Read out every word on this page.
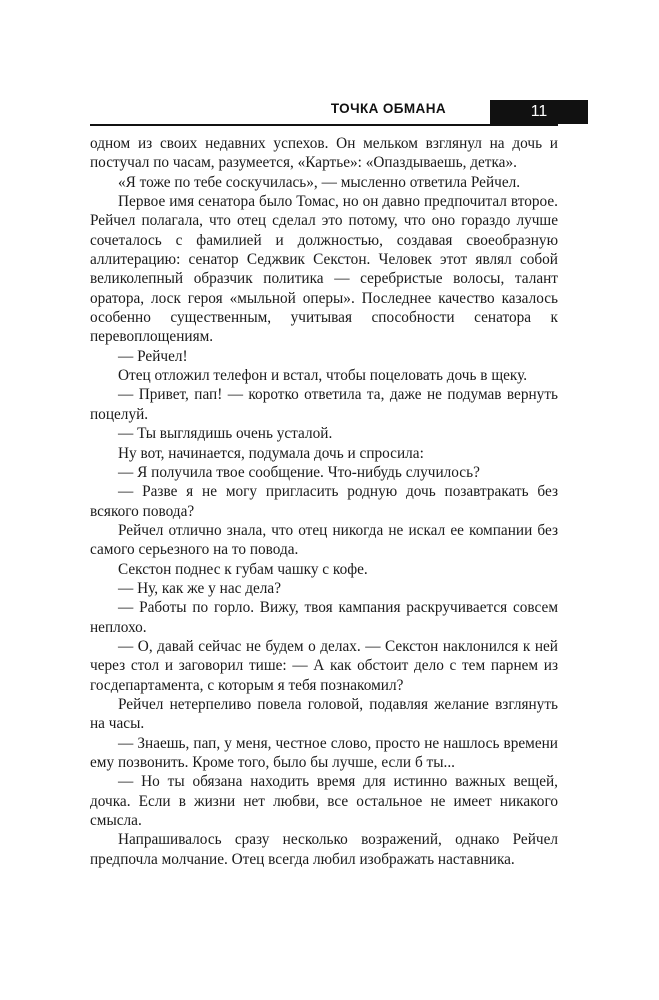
ТОЧКА ОБМАНА	11

одном из своих недавних успехов. Он мельком взглянул на дочь и постучал по часам, разумеется, «Картье»: «Опаздываешь, детка».

«Я тоже по тебе соскучилась», — мысленно ответила Рейчел.

Первое имя сенатора было Томас, но он давно предпочитал второе. Рейчел полагала, что отец сделал это потому, что оно гораздо лучше сочеталось с фамилией и должностью, создавая своеобразную аллитерацию: сенатор Седжвик Секстон. Человек этот являл собой великолепный образчик политика — серебристые волосы, талант оратора, лоск героя «мыльной оперы». Последнее качество казалось особенно существенным, учитывая способности сенатора к перевоплощениям.

— Рейчел!

Отец отложил телефон и встал, чтобы поцеловать дочь в щеку.

— Привет, пап! — коротко ответила та, даже не подумав вернуть поцелуй.

— Ты выглядишь очень усталой.

Ну вот, начинается, подумала дочь и спросила:

— Я получила твое сообщение. Что-нибудь случилось?

— Разве я не могу пригласить родную дочь позавтракать без всякого повода?

Рейчел отлично знала, что отец никогда не искал ее компании без самого серьезного на то повода.

Секстон поднес к губам чашку с кофе.

— Ну, как же у нас дела?

— Работы по горло. Вижу, твоя кампания раскручивается совсем неплохо.

— О, давай сейчас не будем о делах. — Секстон наклонился к ней через стол и заговорил тише: — А как обстоит дело с тем парнем из госдепартамента, с которым я тебя познакомил?

Рейчел нетерпеливо повела головой, подавляя желание взглянуть на часы.

— Знаешь, пап, у меня, честное слово, просто не нашлось времени ему позвонить. Кроме того, было бы лучше, если б ты...

— Но ты обязана находить время для истинно важных вещей, дочка. Если в жизни нет любви, все остальное не имеет никакого смысла.

Напрашивалось сразу несколько возражений, однако Рейчел предпочла молчание. Отец всегда любил изображать наставника.
